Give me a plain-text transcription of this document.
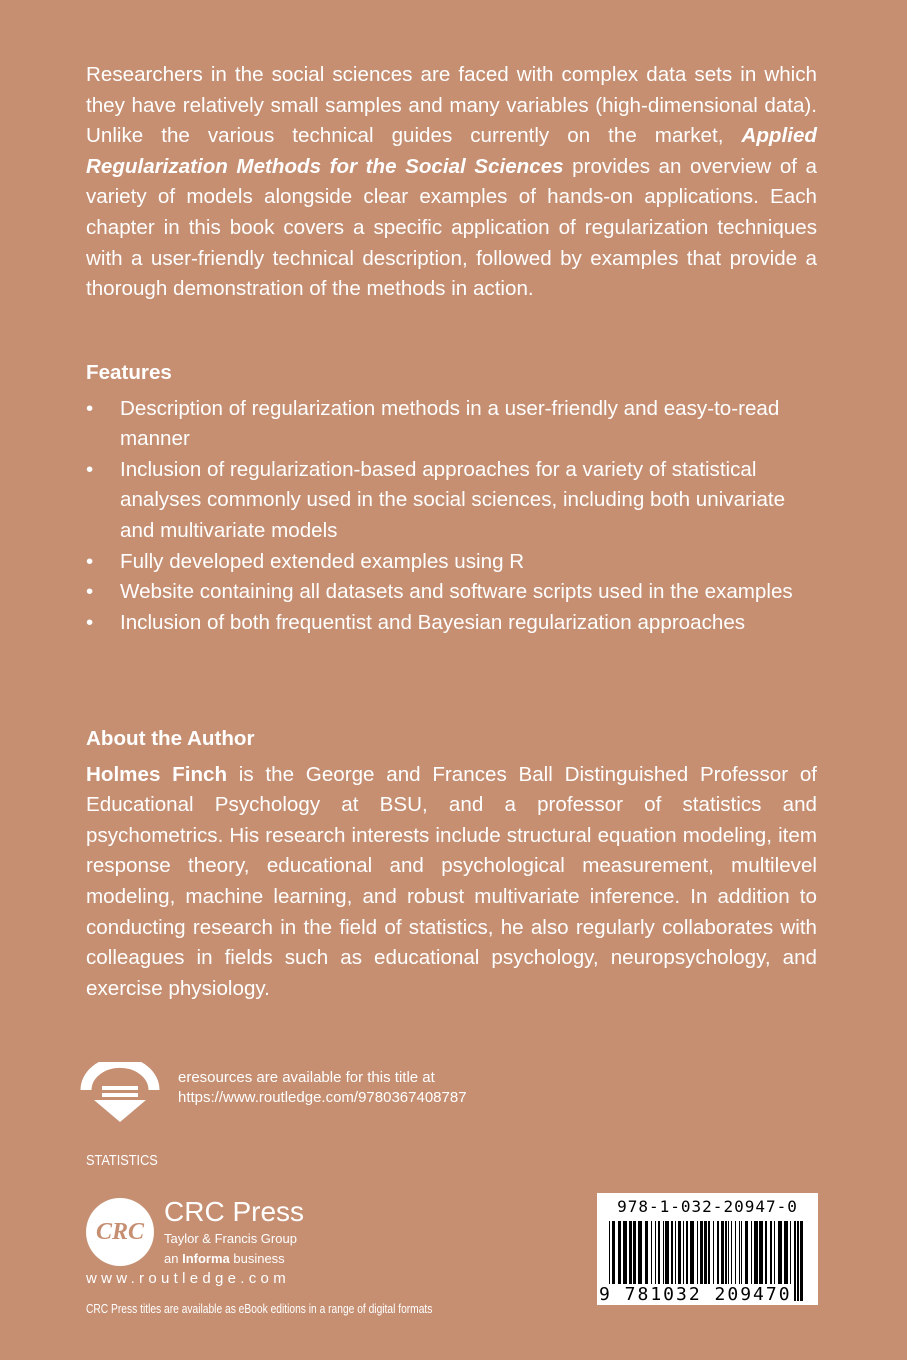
Researchers in the social sciences are faced with complex data sets in which they have relatively small samples and many variables (high-dimensional data). Unlike the various technical guides currently on the market, Applied Regularization Methods for the Social Sciences provides an overview of a variety of models alongside clear examples of hands-on applications. Each chapter in this book covers a specific application of regularization techniques with a user-friendly technical description, followed by examples that provide a thorough demonstration of the methods in action.

Features
• Description of regularization methods in a user-friendly and easy-to-read manner
• Inclusion of regularization-based approaches for a variety of statistical analyses commonly used in the social sciences, including both univariate and multivariate models
• Fully developed extended examples using R
• Website containing all datasets and software scripts used in the examples
• Inclusion of both frequentist and Bayesian regularization approaches
About the Author

Holmes Finch is the George and Frances Ball Distinguished Professor of Educational Psychology at BSU, and a professor of statistics and psychometrics. His research interests include structural equation modeling, item response theory, educational and psychological measurement, multilevel modeling, machine learning, and robust multivariate inference. In addition to conducting research in the field of statistics, he also regularly collaborates with colleagues in fields such as educational psychology, neuropsychology, and exercise physiology.

eresources are available for this title at
https://www.routledge.com/9780367408787
STATISTICS
CRC
CRC Press
Taylor & Francis Group
an Informa business
www.routledge.com
CRC Press titles are available as eBook editions in a range of digital formats
978-1-032-20947-0
9 781032 209470
